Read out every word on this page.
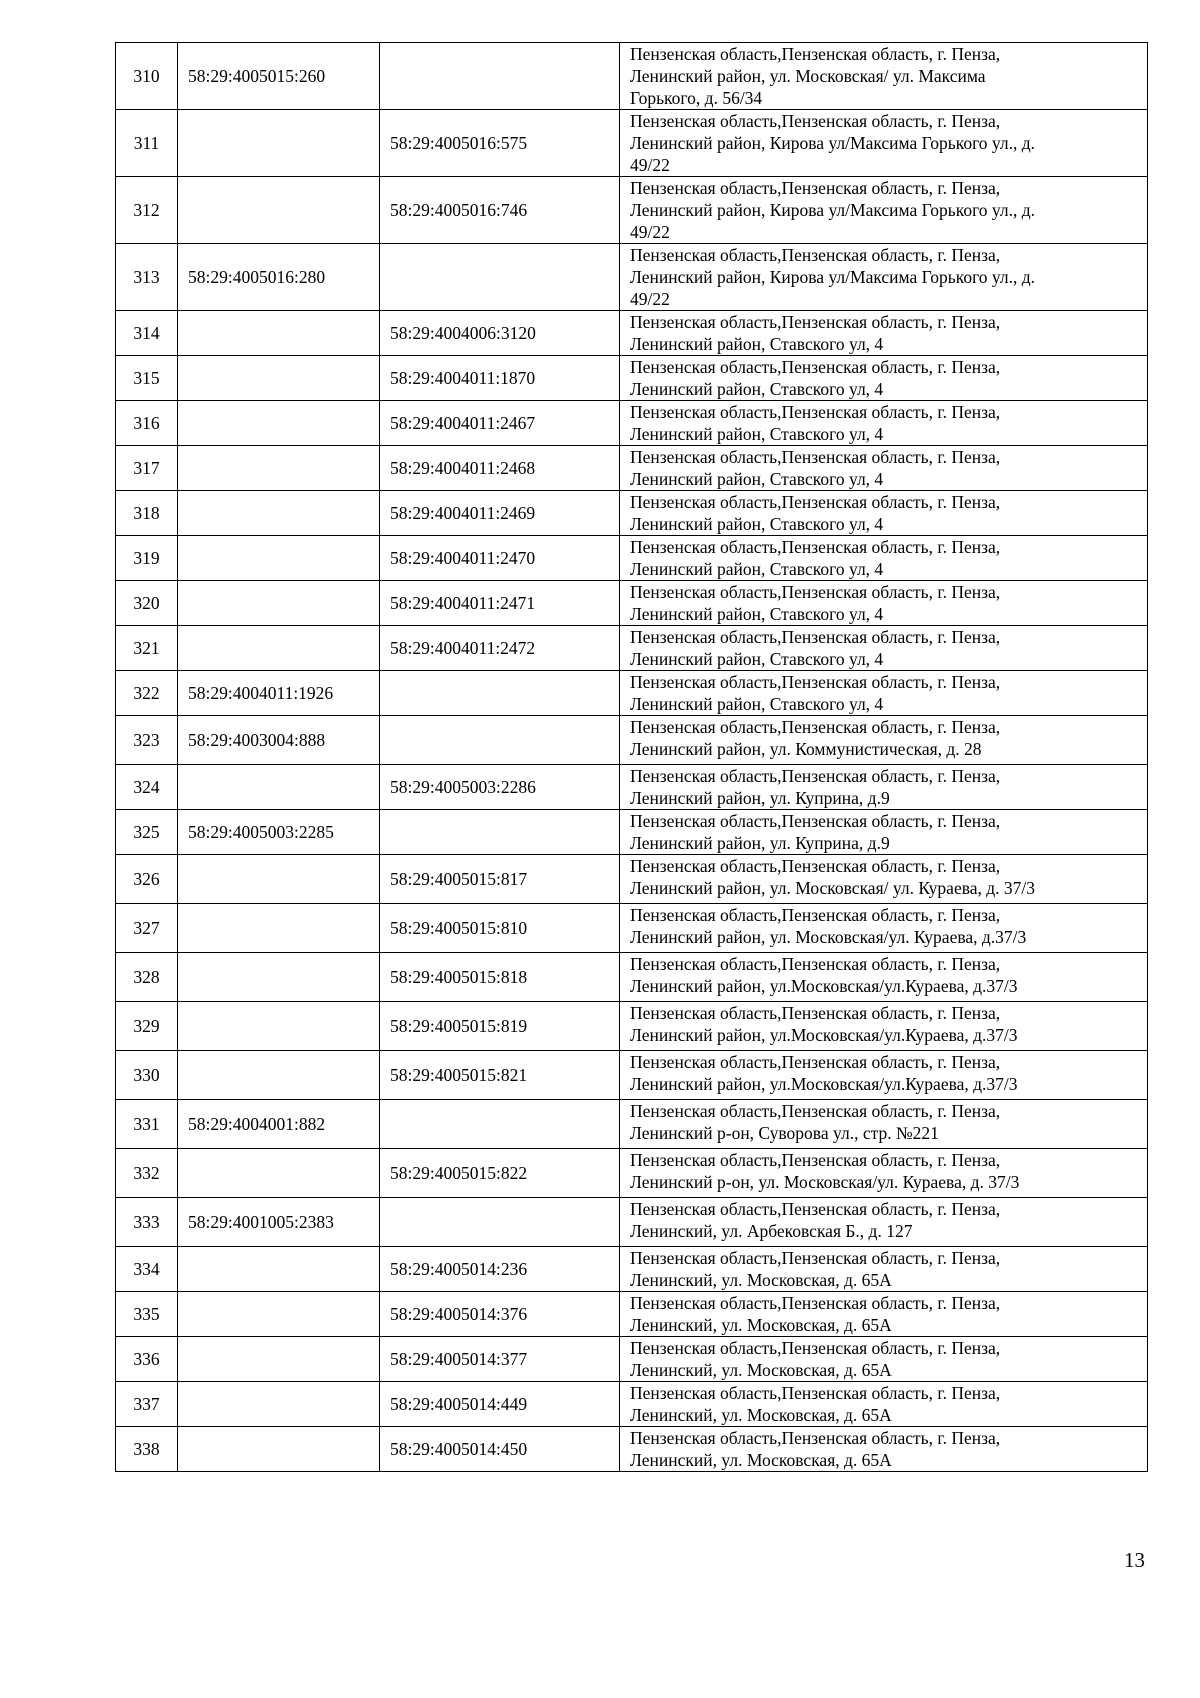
310	58:29:4005015:260		Пензенская область,Пензенская область, г. Пенза,
Ленинский район, ул. Московская/ ул. Максима
Горького, д. 56/34

311		58:29:4005016:575	Пензенская область,Пензенская область, г. Пенза,
Ленинский район, Кирова ул/Максима Горького ул., д.
49/22

312		58:29:4005016:746	Пензенская область,Пензенская область, г. Пенза,
Ленинский район, Кирова ул/Максима Горького ул., д.
49/22

313	58:29:4005016:280		Пензенская область,Пензенская область, г. Пенза,
Ленинский район, Кирова ул/Максима Горького ул., д.
49/22

314		58:29:4004006:3120	Пензенская область,Пензенская область, г. Пенза,
Ленинский район, Ставского ул, 4

315		58:29:4004011:1870	Пензенская область,Пензенская область, г. Пенза,
Ленинский район, Ставского ул, 4

316		58:29:4004011:2467	Пензенская область,Пензенская область, г. Пенза,
Ленинский район, Ставского ул, 4

317		58:29:4004011:2468	Пензенская область,Пензенская область, г. Пенза,
Ленинский район, Ставского ул, 4

318		58:29:4004011:2469	Пензенская область,Пензенская область, г. Пенза,
Ленинский район, Ставского ул, 4

319		58:29:4004011:2470	Пензенская область,Пензенская область, г. Пенза,
Ленинский район, Ставского ул, 4

320		58:29:4004011:2471	Пензенская область,Пензенская область, г. Пенза,
Ленинский район, Ставского ул, 4

321		58:29:4004011:2472	Пензенская область,Пензенская область, г. Пенза,
Ленинский район, Ставского ул, 4

322	58:29:4004011:1926		Пензенская область,Пензенская область, г. Пенза,
Ленинский район, Ставского ул, 4

323	58:29:4003004:888		Пензенская область,Пензенская область, г. Пенза,
Ленинский район, ул. Коммунистическая, д. 28

324		58:29:4005003:2286	Пензенская область,Пензенская область, г. Пенза,
Ленинский район, ул. Куприна, д.9

325	58:29:4005003:2285		Пензенская область,Пензенская область, г. Пенза,
Ленинский район, ул. Куприна, д.9

326		58:29:4005015:817	Пензенская область,Пензенская область, г. Пенза,
Ленинский район, ул. Московская/ ул. Кураева, д. 37/3

327		58:29:4005015:810	Пензенская область,Пензенская область, г. Пенза,
Ленинский район, ул. Московская/ул. Кураева, д.37/3

328		58:29:4005015:818	Пензенская область,Пензенская область, г. Пенза,
Ленинский район, ул.Московская/ул.Кураева, д.37/3

329		58:29:4005015:819	Пензенская область,Пензенская область, г. Пенза,
Ленинский район, ул.Московская/ул.Кураева, д.37/3

330		58:29:4005015:821	Пензенская область,Пензенская область, г. Пенза,
Ленинский район, ул.Московская/ул.Кураева, д.37/3

331	58:29:4004001:882		Пензенская область,Пензенская область, г. Пенза,
Ленинский р-он, Суворова ул., стр. №221

332		58:29:4005015:822	Пензенская область,Пензенская область, г. Пенза,
Ленинский р-он, ул. Московская/ул. Кураева, д. 37/3

333	58:29:4001005:2383		Пензенская область,Пензенская область, г. Пенза,
Ленинский, ул. Арбековская Б., д. 127

334		58:29:4005014:236	Пензенская область,Пензенская область, г. Пенза,
Ленинский, ул. Московская, д. 65А

335		58:29:4005014:376	Пензенская область,Пензенская область, г. Пенза,
Ленинский, ул. Московская, д. 65А

336		58:29:4005014:377	Пензенская область,Пензенская область, г. Пенза,
Ленинский, ул. Московская, д. 65А

337		58:29:4005014:449	Пензенская область,Пензенская область, г. Пенза,
Ленинский, ул. Московская, д. 65А

338		58:29:4005014:450	Пензенская область,Пензенская область, г. Пенза,
Ленинский, ул. Московская, д. 65А
13
